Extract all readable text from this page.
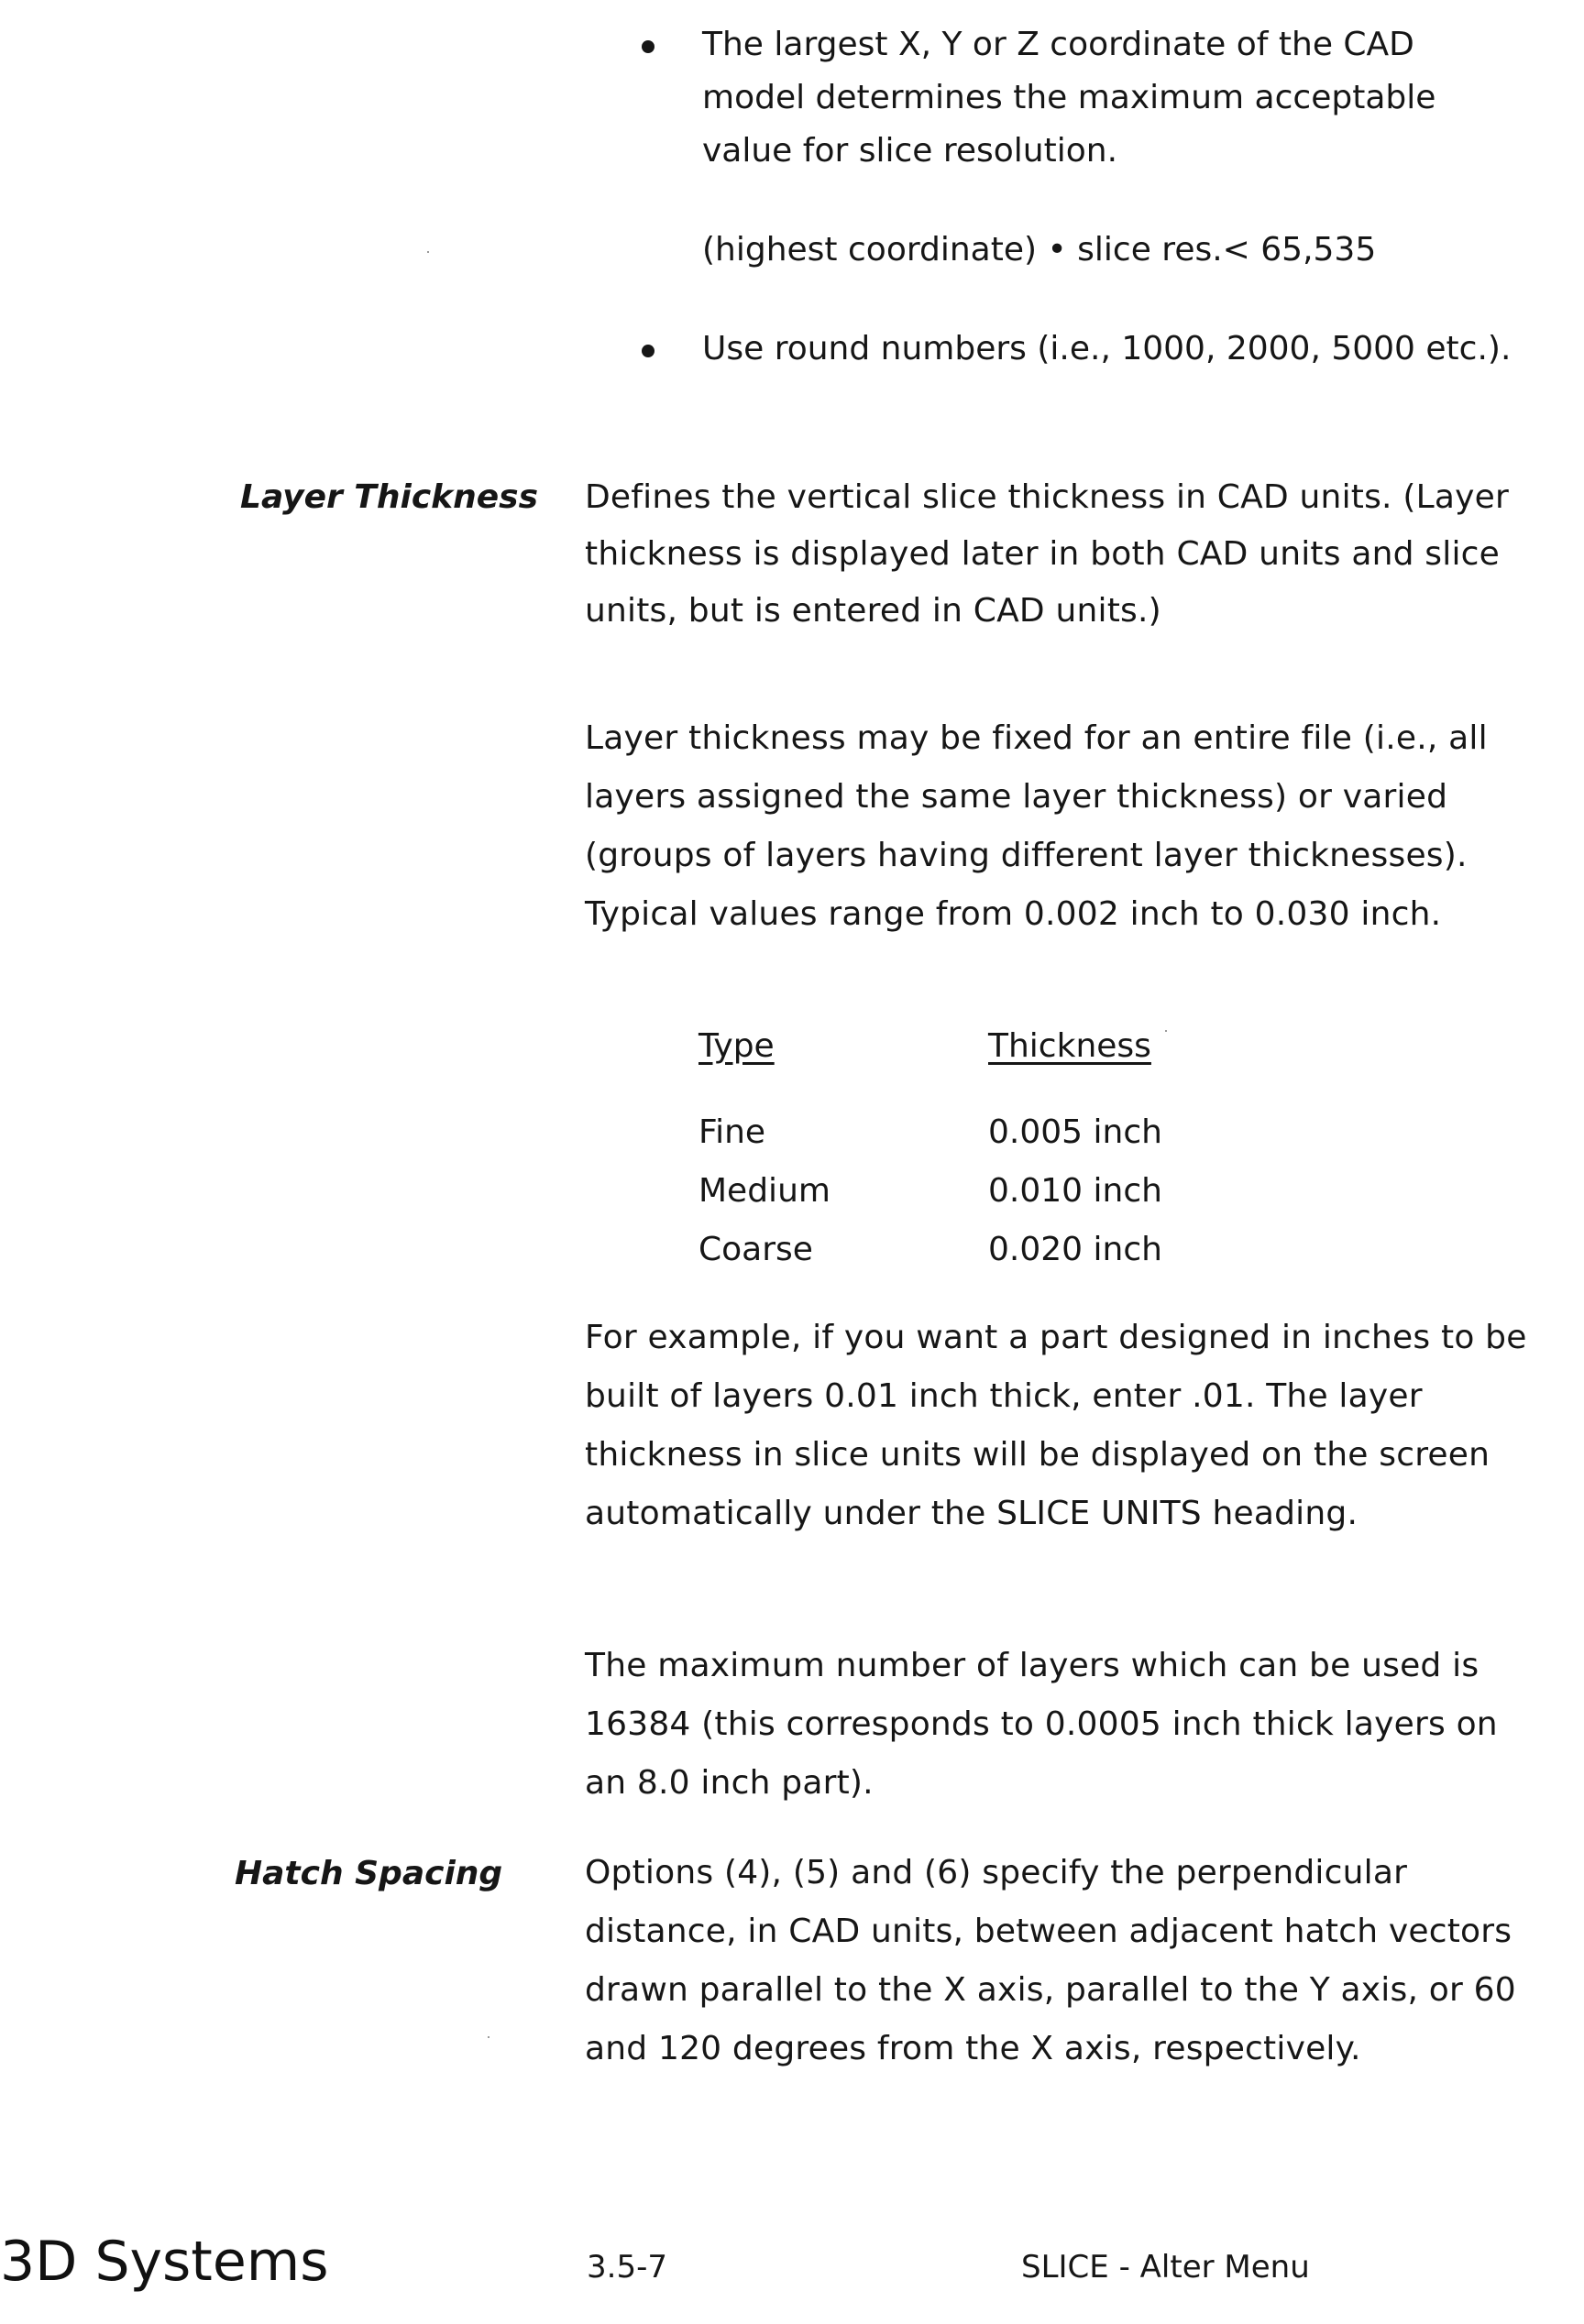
The largest X, Y or Z coordinate of the CAD model determines the maximum acceptable value for slice resolution.
(highest coordinate) • slice res.< 65,535
Use round numbers (i.e., 1000, 2000, 5000 etc.).
Layer Thickness Defines the vertical slice thickness in CAD units. (Layer thickness is displayed later in both CAD units and slice units, but is entered in CAD units.)
Layer thickness may be fixed for an entire file (i.e., all layers assigned the same layer thickness) or varied (groups of layers having different layer thicknesses). Typical values range from 0.002 inch to 0.030 inch.
Type	Thickness
Fine	0.005 inch
Medium	0.010 inch
Coarse	0.020 inch
For example, if you want a part designed in inches to be built of layers 0.01 inch thick, enter .01. The layer thickness in slice units will be displayed on the screen automatically under the SLICE UNITS heading.
The maximum number of layers which can be used is 16384 (this corresponds to 0.0005 inch thick layers on an 8.0 inch part).
Hatch Spacing Options (4), (5) and (6) specify the perpendicular distance, in CAD units, between adjacent hatch vectors drawn parallel to the X axis, parallel to the Y axis, or 60 and 120 degrees from the X axis, respectively.
3D Systems	3.5-7	SLICE - Alter Menu
